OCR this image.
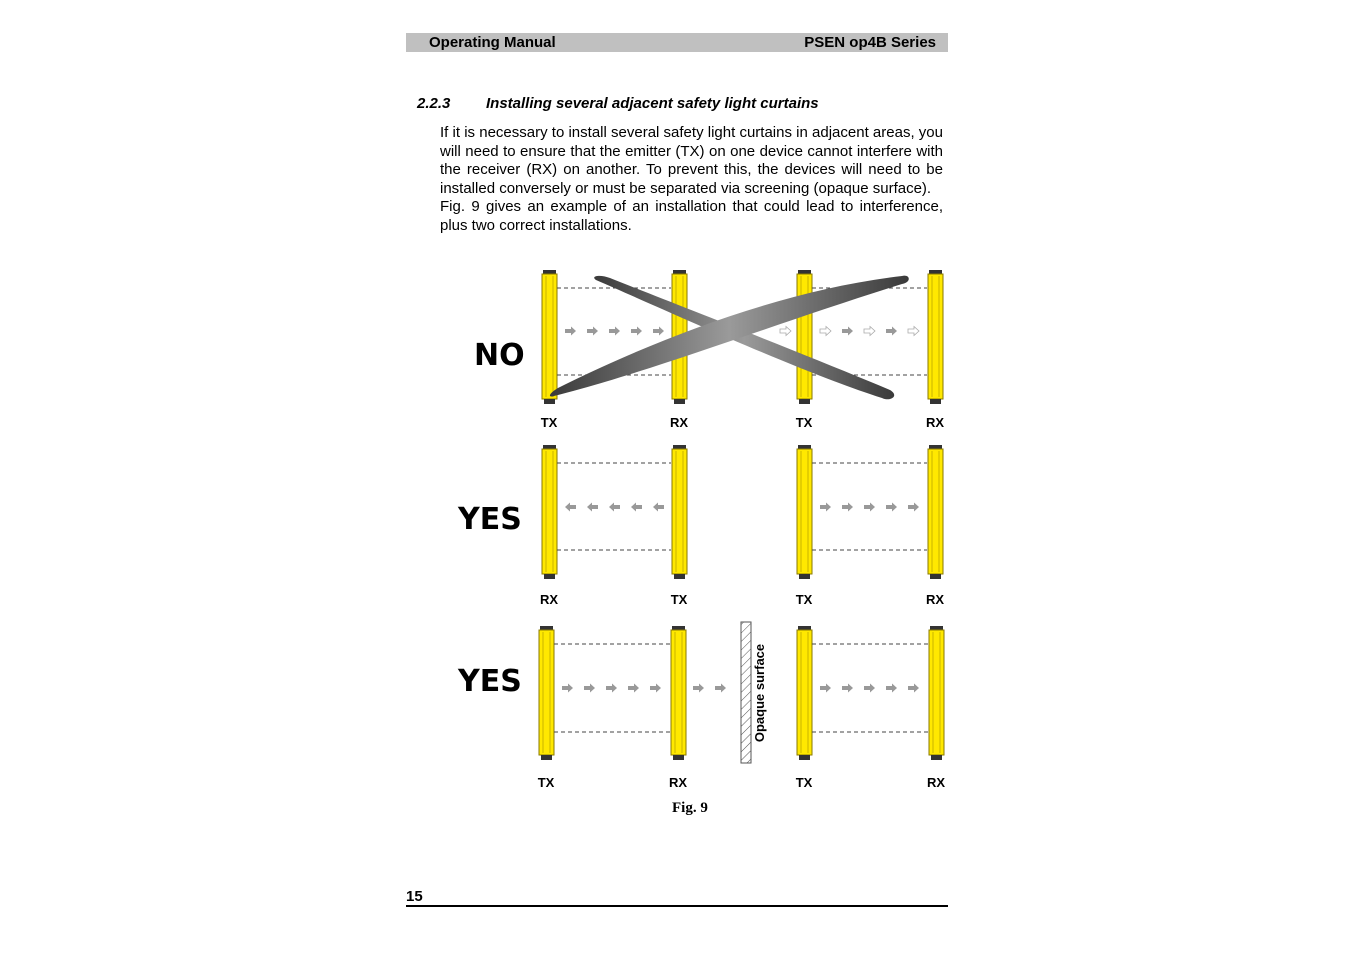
Operating Manual	PSEN op4B Series
2.2.3 Installing several adjacent safety light curtains

If it is necessary to install several safety light curtains in adjacent areas, you will need to ensure that the emitter (TX) on one device cannot interfere with the receiver (RX) on another. To prevent this, the devices will need to be installed conversely or must be separated via screening (opaque surface).

Fig. 9 gives an example of an installation that could lead to interference, plus two correct installations.

NO
TX	RX	TX	RX
YES
RX	TX	TX	RX
YES	Opaque surface
TX	RX	TX	RX
Fig. 9
15
